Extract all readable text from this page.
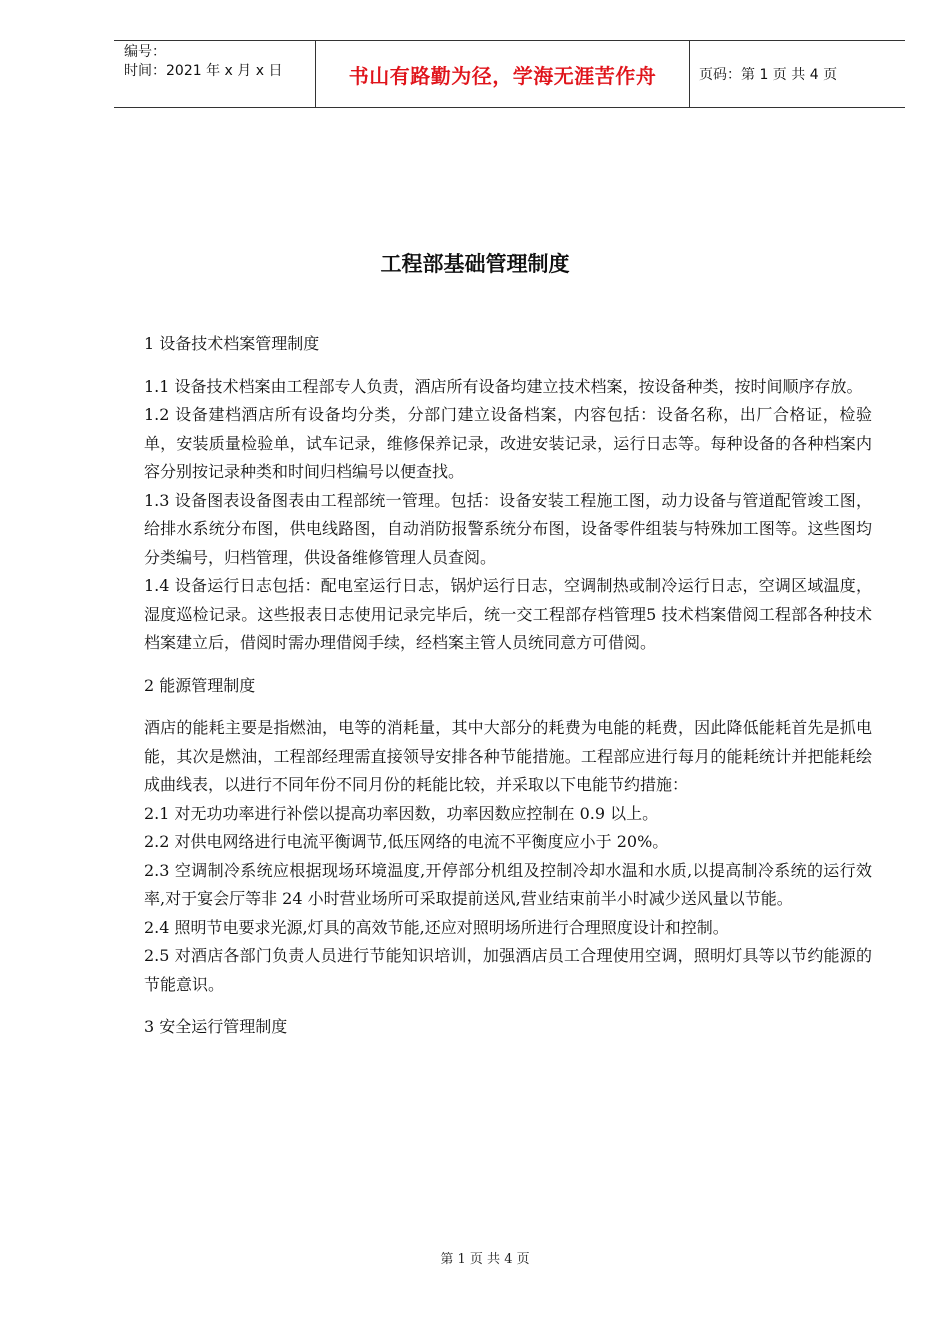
编号：
时间：2021 年 x 月 x 日	书山有路勤为径，学海无涯苦作舟	页码：第 1 页 共 4 页
工程部基础管理制度

1 设备技术档案管理制度

1.1 设备技术档案由工程部专人负责，酒店所有设备均建立技术档案，按设备种类，按时间顺序存放。

1.2 设备建档酒店所有设备均分类，分部门建立设备档案，内容包括：设备名称，出厂合格证，检验单，安装质量检验单，试车记录，维修保养记录，改进安装记录，运行日志等。每种设备的各种档案内容分别按记录种类和时间归档编号以便查找。

1.3 设备图表设备图表由工程部统一管理。包括：设备安装工程施工图，动力设备与管道配管竣工图，给排水系统分布图，供电线路图，自动消防报警系统分布图，设备零件组装与特殊加工图等。这些图均分类编号，归档管理，供设备维修管理人员查阅。

1.4 设备运行日志包括：配电室运行日志，锅炉运行日志，空调制热或制冷运行日志，空调区域温度，湿度巡检记录。这些报表日志使用记录完毕后，统一交工程部存档管理5 技术档案借阅工程部各种技术档案建立后，借阅时需办理借阅手续，经档案主管人员统同意方可借阅。

2 能源管理制度

酒店的能耗主要是指燃油，电等的消耗量，其中大部分的耗费为电能的耗费，因此降低能耗首先是抓电能，其次是燃油，工程部经理需直接领导安排各种节能措施。工程部应进行每月的能耗统计并把能耗绘成曲线表，以进行不同年份不同月份的耗能比较，并采取以下电能节约措施：

2.1 对无功功率进行补偿以提高功率因数，功率因数应控制在 0.9 以上。

2.2 对供电网络进行电流平衡调节,低压网络的电流不平衡度应小于 20%。

2.3 空调制冷系统应根据现场环境温度,开停部分机组及控制冷却水温和水质,以提高制冷系统的运行效率,对于宴会厅等非 24 小时营业场所可采取提前送风,营业结束前半小时减少送风量以节能。

2.4 照明节电要求光源,灯具的高效节能,还应对照明场所进行合理照度设计和控制。

2.5 对酒店各部门负责人员进行节能知识培训，加强酒店员工合理使用空调，照明灯具等以节约能源的节能意识。

3 安全运行管理制度

第 1 页 共 4 页
